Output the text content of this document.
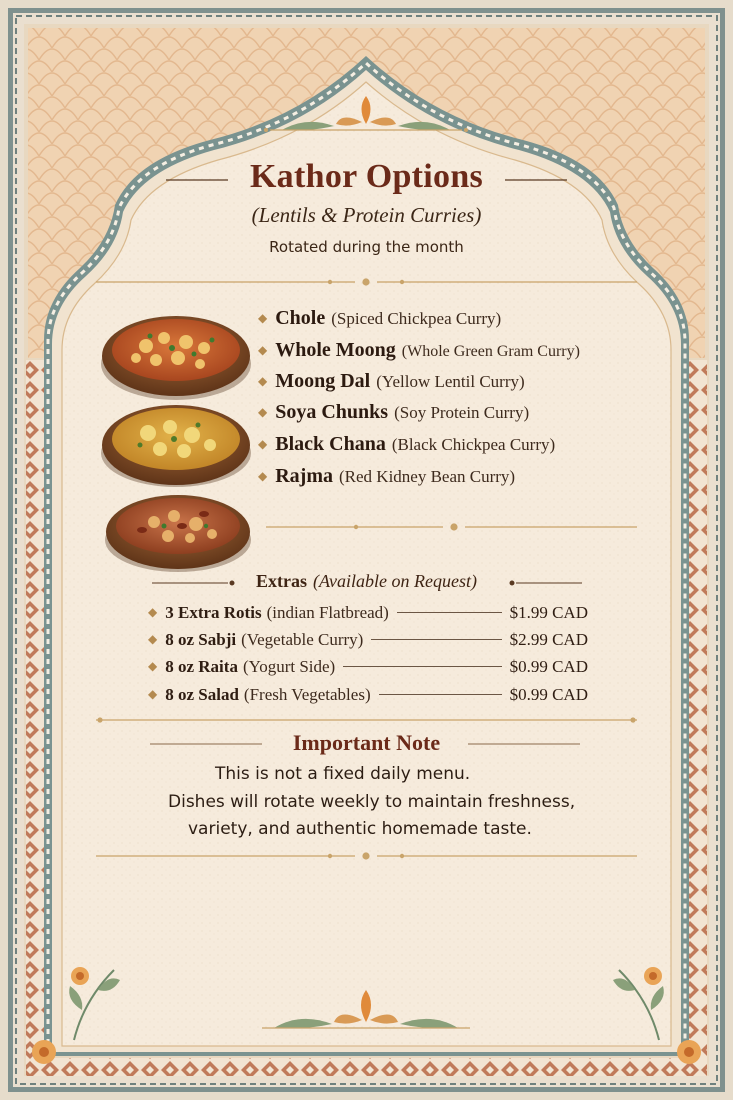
Kathor Options
(Lentils & Protein Curries)
Rotated during the month
◆ Chole (Spiced Chickpea Curry)
◆ Whole Moong (Whole Green Gram Curry)
◆ Moong Dal (Yellow Lentil Curry)
◆ Soya Chunks (Soy Protein Curry)
◆ Black Chana (Black Chickpea Curry)
◆ Rajma (Red Kidney Bean Curry)
Extras (Available on Request)
◆ 3 Extra Rotis (indian Flatbread)	$1.99 CAD
◆ 8 oz Sabji (Vegetable Curry)	$2.99 CAD
◆ 8 oz Raita (Yogurt Side)	$0.99 CAD
◆ 8 oz Salad (Fresh Vegetables)	$0.99 CAD
Important Note
This is not a fixed daily menu.
Dishes will rotate weekly to maintain freshness,
variety, and authentic homemade taste.
